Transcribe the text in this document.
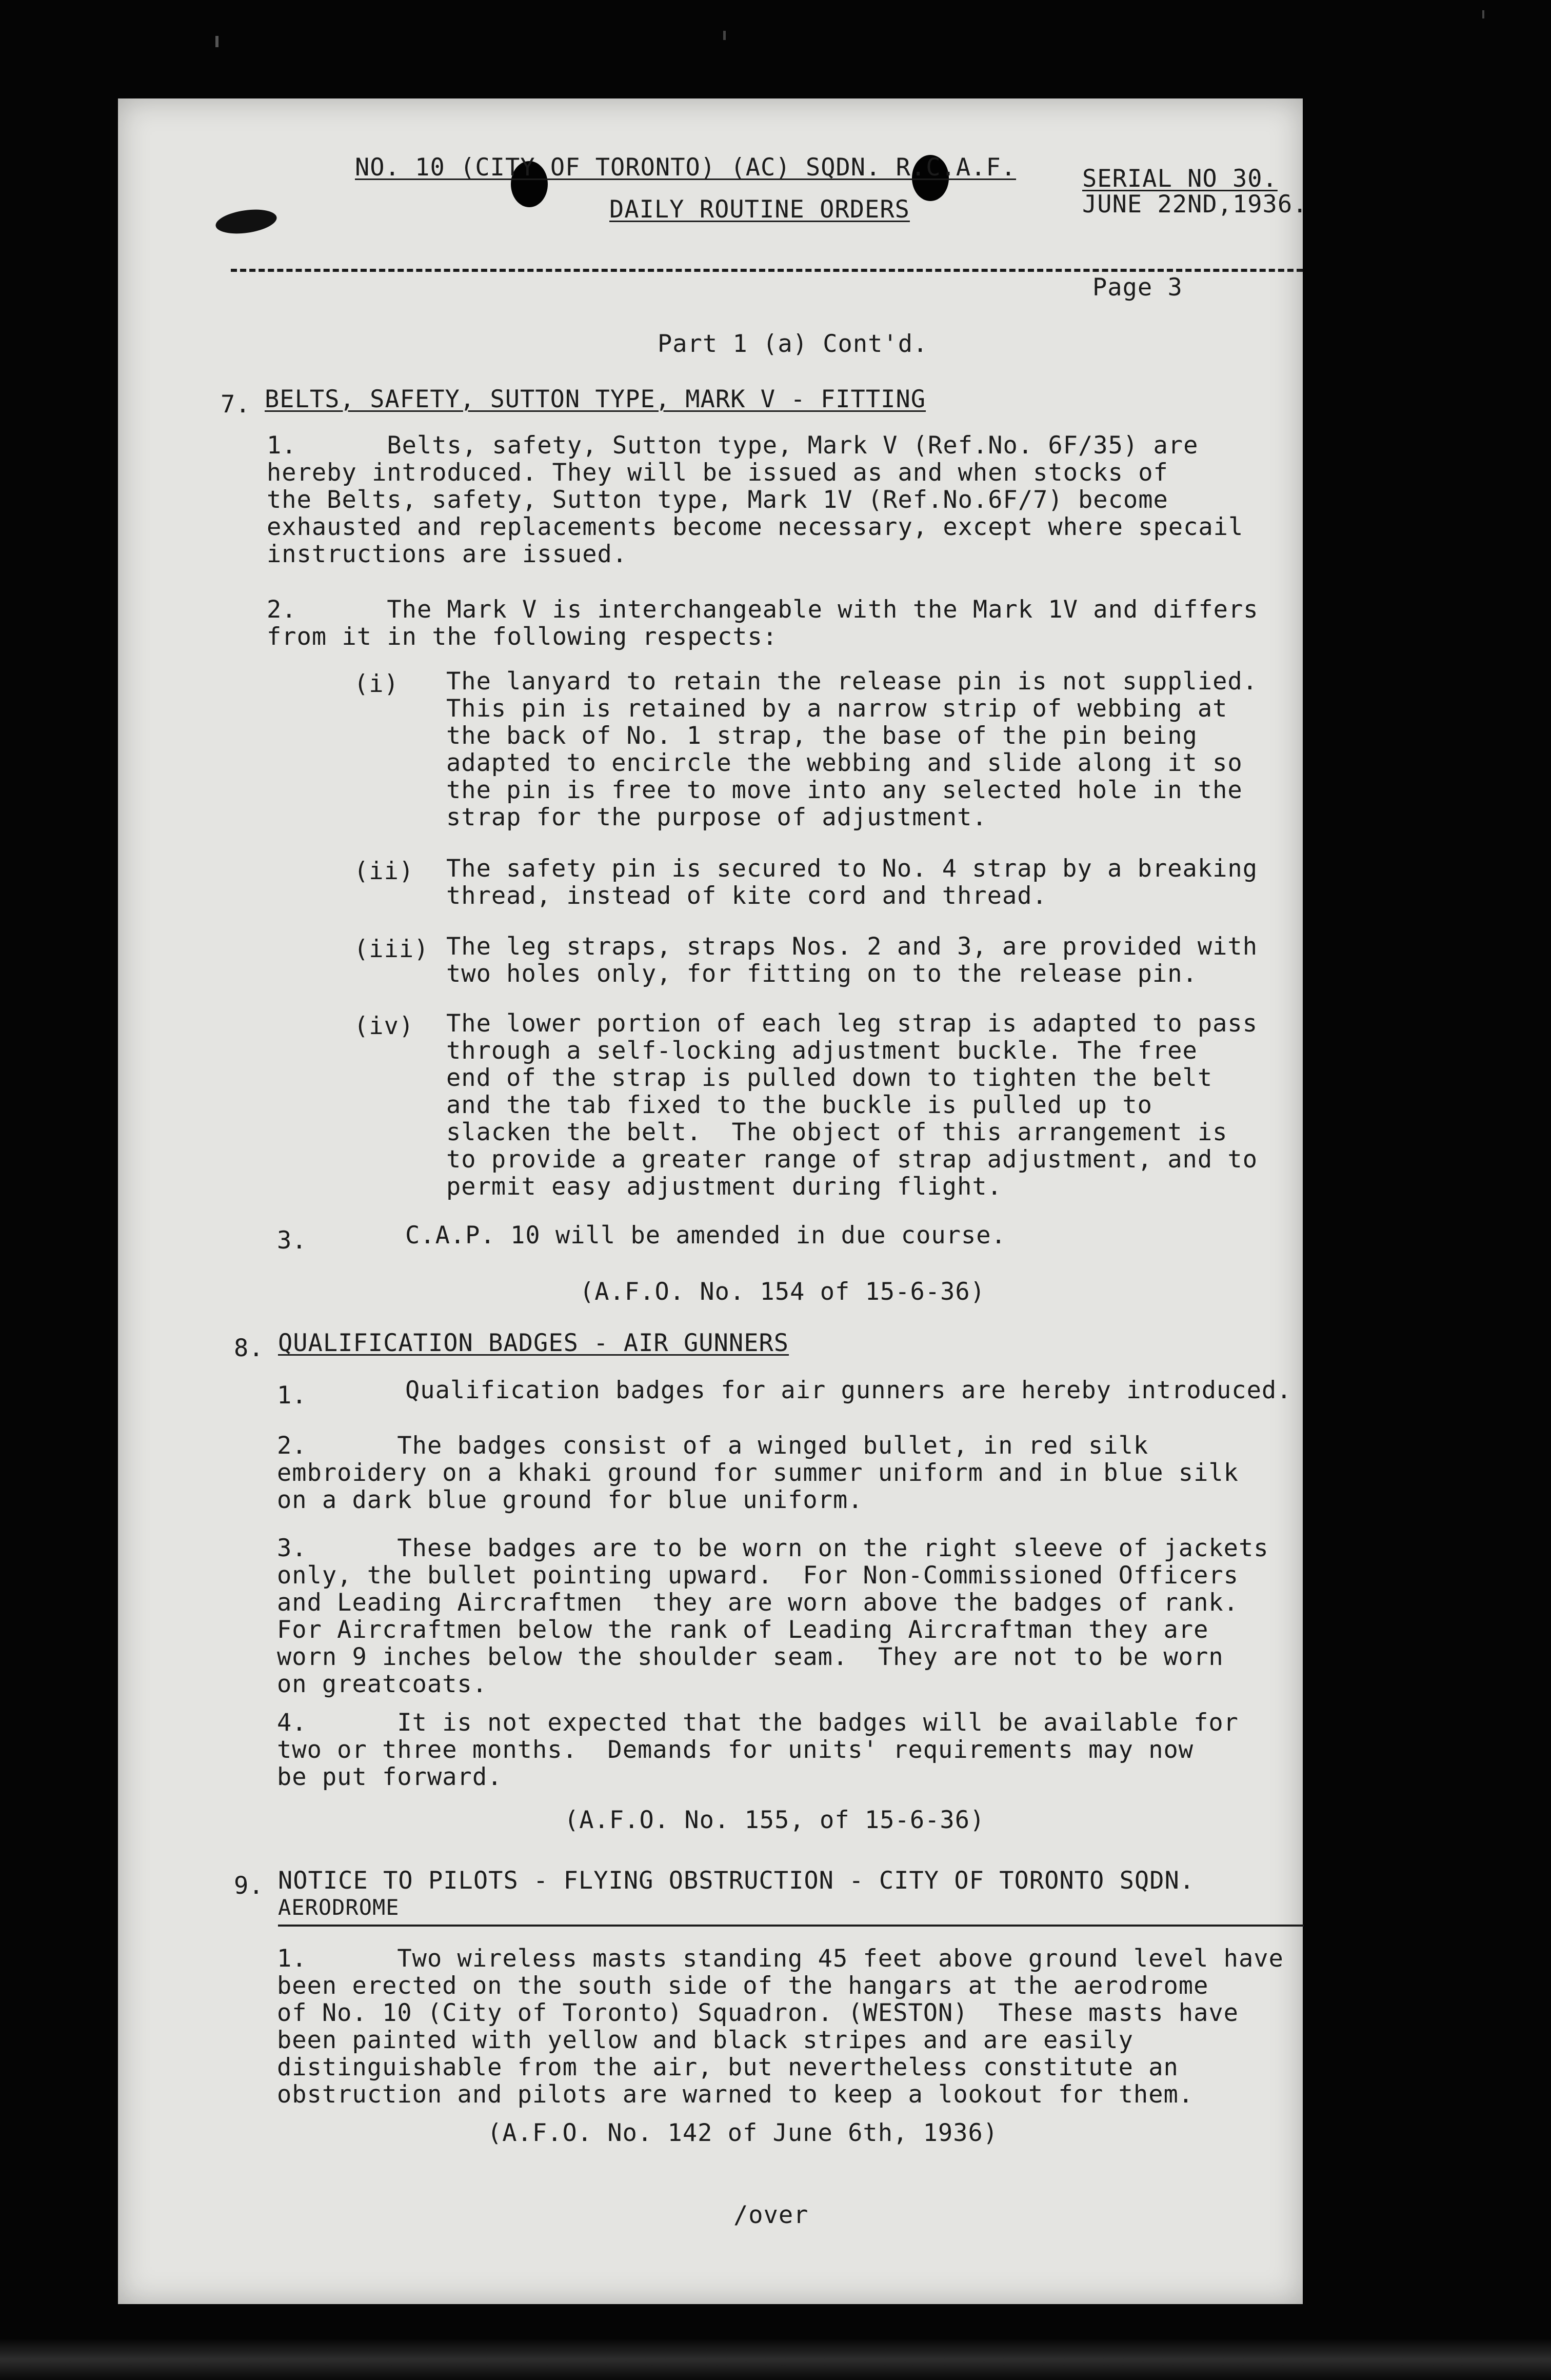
NO. 10 (CITY OF TORONTO) (AC) SQDN. R.C.A.F.
DAILY ROUTINE ORDERS
SERIAL NO 30.
JUNE 22ND,1936.
Page 3
Part 1 (a) Cont'd.
7. BELTS, SAFETY, SUTTON TYPE, MARK V - FITTING
1.      Belts, safety, Sutton type, Mark V (Ref.No. 6F/35) are
hereby introduced. They will be issued as and when stocks of
the Belts, safety, Sutton type, Mark 1V (Ref.No.6F/7) become
exhausted and replacements become necessary, except where specail
instructions are issued.
2.      The Mark V is interchangeable with the Mark 1V and differs
from it in the following respects:
(i) The lanyard to retain the release pin is not supplied.
This pin is retained by a narrow strip of webbing at
the back of No. 1 strap, the base of the pin being
adapted to encircle the webbing and slide along it so
the pin is free to move into any selected hole in the
strap for the purpose of adjustment.
(ii) The safety pin is secured to No. 4 strap by a breaking
thread, instead of kite cord and thread.
(iii) The leg straps, straps Nos. 2 and 3, are provided with
two holes only, for fitting on to the release pin.
(iv) The lower portion of each leg strap is adapted to pass
through a self-locking adjustment buckle. The free
end of the strap is pulled down to tighten the belt
and the tab fixed to the buckle is pulled up to
slacken the belt.  The object of this arrangement is
to provide a greater range of strap adjustment, and to
permit easy adjustment during flight.
3.	C.A.P. 10 will be amended in due course.
(A.F.O. No. 154 of 15-6-36)
8. QUALIFICATION BADGES - AIR GUNNERS
1.	Qualification badges for air gunners are hereby introduced.
2.      The badges consist of a winged bullet, in red silk
embroidery on a khaki ground for summer uniform and in blue silk
on a dark blue ground for blue uniform.
3.      These badges are to be worn on the right sleeve of jackets
only, the bullet pointing upward.  For Non-Commissioned Officers
and Leading Aircraftmen  they are worn above the badges of rank.
For Aircraftmen below the rank of Leading Aircraftman they are
worn 9 inches below the shoulder seam.  They are not to be worn
on greatcoats.
4.      It is not expected that the badges will be available for
two or three months.  Demands for units' requirements may now
be put forward.
(A.F.O. No. 155, of 15-6-36)
9. NOTICE TO PILOTS - FLYING OBSTRUCTION - CITY OF TORONTO SQDN.
AERODROME
1.      Two wireless masts standing 45 feet above ground level have
been erected on the south side of the hangars at the aerodrome
of No. 10 (City of Toronto) Squadron. (WESTON)  These masts have
been painted with yellow and black stripes and are easily
distinguishable from the air, but nevertheless constitute an
obstruction and pilots are warned to keep a lookout for them.
(A.F.O. No. 142 of June 6th, 1936)
/over
